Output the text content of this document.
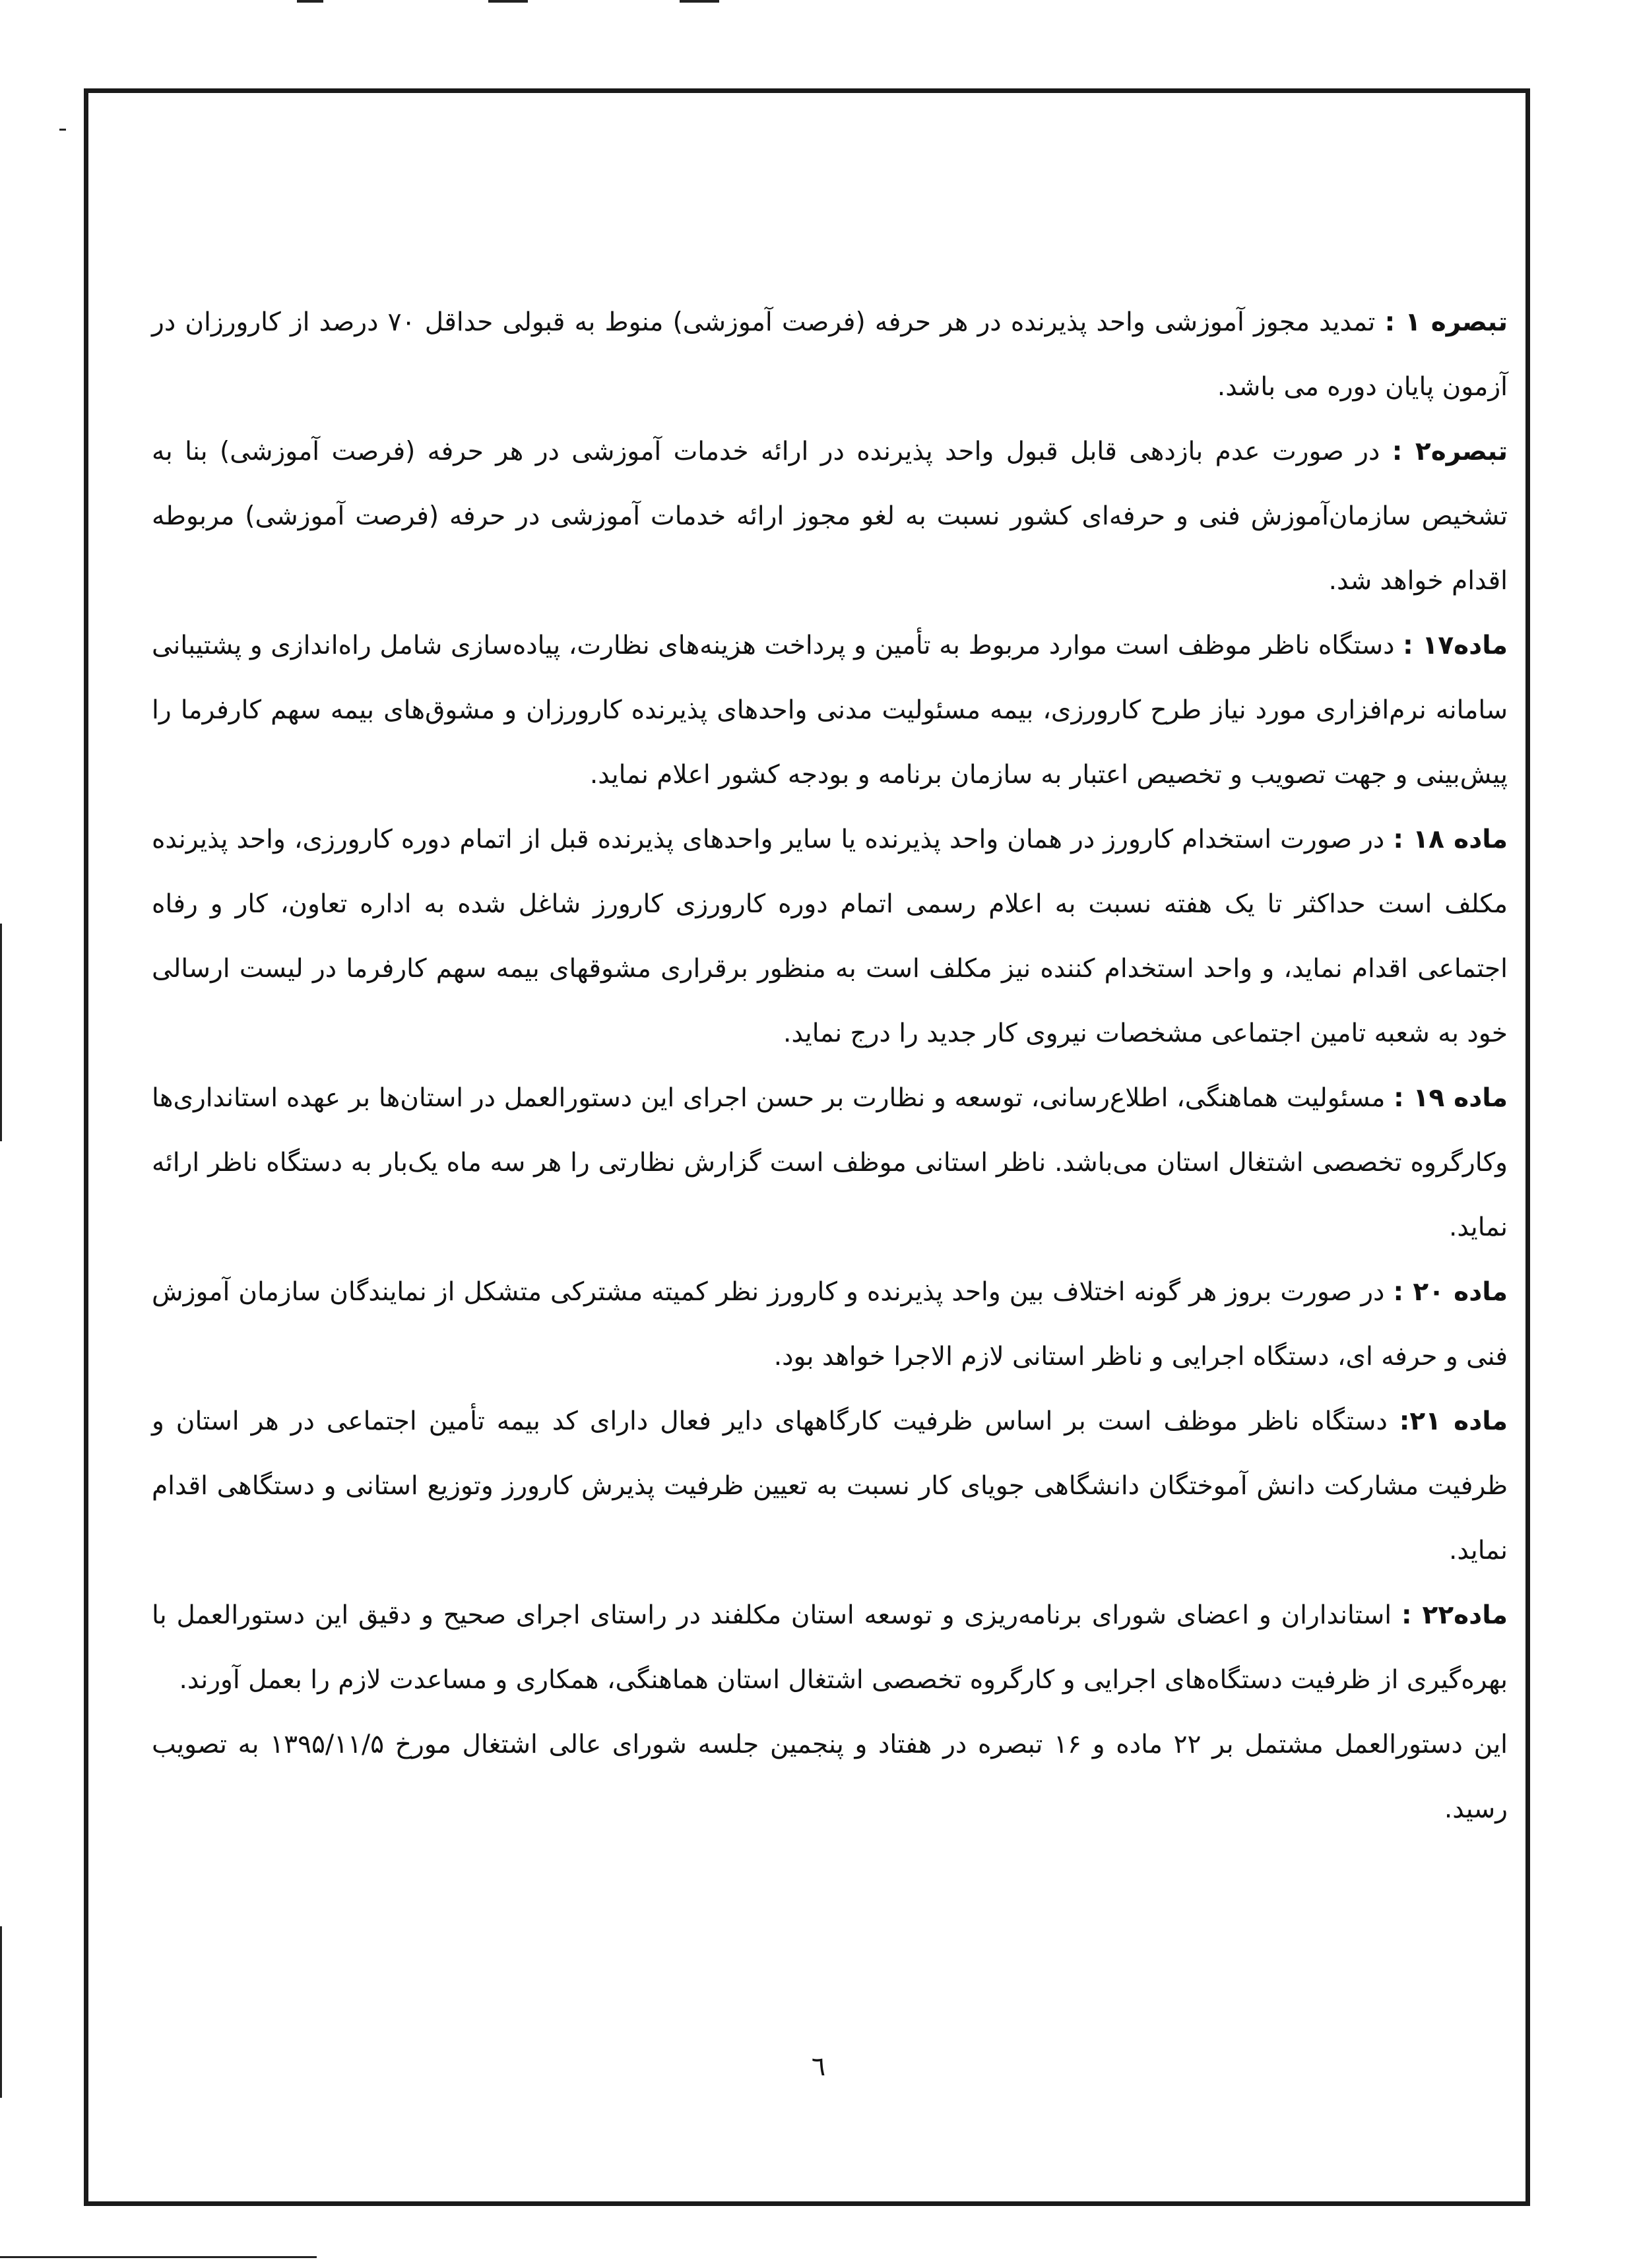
تبصره ۱ : تمدید مجوز آموزشی واحد پذیرنده در هر حرفه (فرصت آموزشی) منوط به قبولی حداقل ۷۰ درصد از کارورزان در آزمون پایان دوره می باشد.

تبصره۲ : در صورت عدم بازدهی قابل قبول واحد پذیرنده در ارائه خدمات آموزشی در هر حرفه (فرصت آموزشی) بنا به تشخیص سازمان‌آموزش فنی و حرفه‌ای کشور نسبت به لغو مجوز ارائه خدمات آموزشی در حرفه (فرصت آموزشی) مربوطه اقدام خواهد شد.

ماده۱۷ : دستگاه ناظر موظف است موارد مربوط به تأمین و پرداخت هزینه‌های نظارت، پیاده‌سازی شامل راه‌اندازی و پشتیبانی سامانه نرم‌افزاری مورد نیاز طرح کارورزی، بیمه مسئولیت مدنی واحدهای پذیرنده کارورزان و مشوق‌های بیمه سهم کارفرما را پیش‌بینی و جهت تصویب و تخصیص اعتبار به سازمان برنامه و بودجه کشور اعلام نماید.

ماده ۱۸ : در صورت استخدام کارورز در همان واحد پذیرنده یا سایر واحدهای پذیرنده قبل از اتمام دوره کارورزی، واحد پذیرنده مکلف است حداکثر تا یک هفته نسبت به اعلام رسمی اتمام دوره کارورزی کارورز شاغل شده به اداره تعاون، کار و رفاه اجتماعی اقدام نماید، و واحد استخدام کننده نیز مکلف است به منظور برقراری مشوقهای بیمه سهم کارفرما در لیست ارسالی خود به شعبه تامین اجتماعی مشخصات نیروی کار جدید را درج نماید.

ماده ۱۹ : مسئولیت هماهنگی، اطلاع‌رسانی، توسعه و نظارت بر حسن اجرای این دستورالعمل در استان‌ها بر عهده استانداری‌ها وکارگروه تخصصی اشتغال استان می‌باشد. ناظر استانی موظف است گزارش نظارتی را هر سه ماه یک‌بار به دستگاه ناظر ارائه نماید.

ماده ۲۰ : در صورت بروز هر گونه اختلاف بین واحد پذیرنده و کارورز نظر کمیته مشترکی متشکل از نمایندگان سازمان آموزش فنی و حرفه ای، دستگاه اجرایی و ناظر استانی لازم الاجرا خواهد بود.

ماده ۲۱: دستگاه ناظر موظف است بر اساس ظرفیت کارگاههای دایر فعال دارای کد بیمه تأمین اجتماعی در هر استان و ظرفیت مشارکت دانش آموختگان دانشگاهی جویای کار نسبت به تعیین ظرفیت پذیرش کارورز وتوزیع استانی و دستگاهی اقدام نماید.

ماده۲۲ : استانداران و اعضای شورای برنامه‌ریزی و توسعه استان مکلفند در راستای اجرای صحیح و دقیق این دستورالعمل با بهره‌گیری از ظرفیت دستگاه‌های اجرایی و کارگروه تخصصی اشتغال استان هماهنگی، همکاری و مساعدت لازم را بعمل آورند.

این دستورالعمل مشتمل بر ۲۲ ماده و ۱۶ تبصره در هفتاد و پنجمین جلسه شورای عالی اشتغال مورخ ۱۳۹۵/۱۱/۵ به تصویب رسید.

٦
